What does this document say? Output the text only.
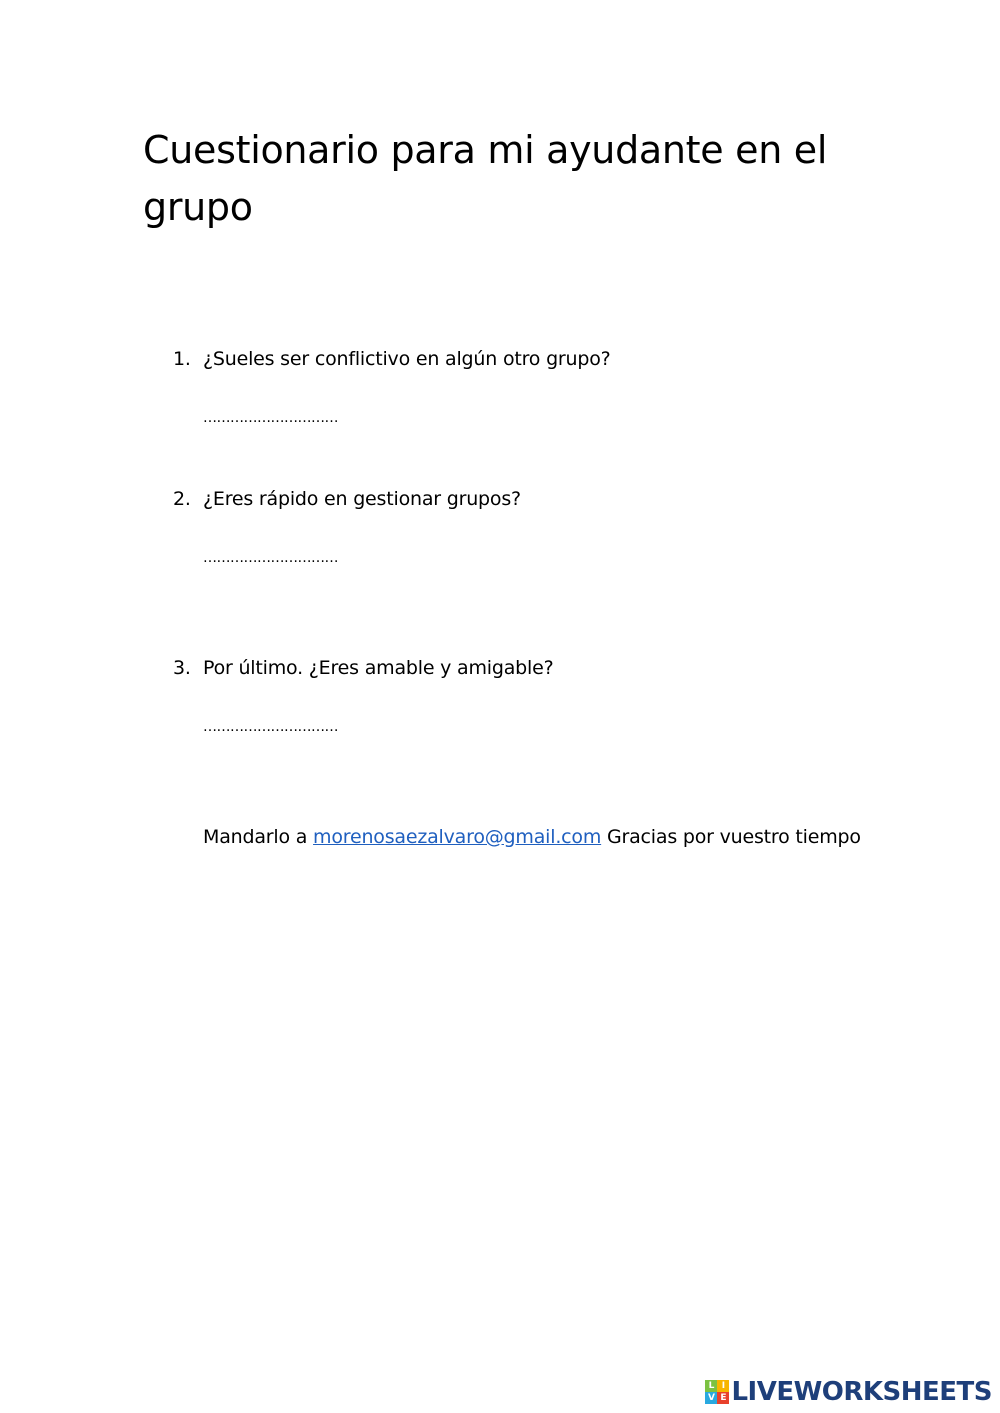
Cuestionario para mi ayudante en el grupo
1. ¿Sueles ser conflictivo en algún otro grupo?
…………………………
2. ¿Eres rápido en gestionar grupos?
…………………………
3. Por último. ¿Eres amable y amigable?
…………………………
Mandarlo a morenosaezalvaro@gmail.com Gracias por vuestro tiempo
L I
V E LIVEWORKSHEETS
